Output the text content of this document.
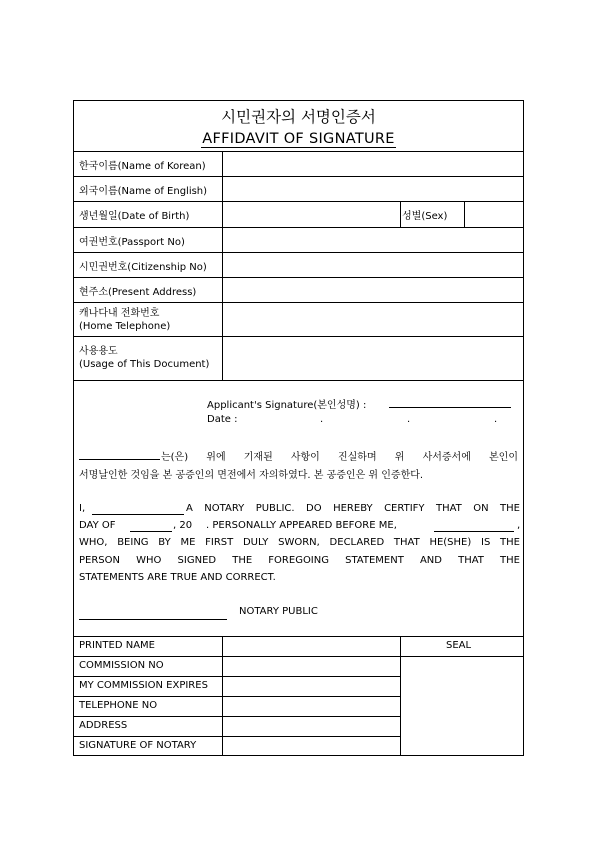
시민권자의 서명인증서
AFFIDAVIT OF SIGNATURE
한국이름(Name of Korean)
외국이름(Name of English)
생년월일(Date of Birth)	성별(Sex)
여권번호(Passport No)
시민권번호(Citizenship No)
현주소(Present Address)
캐나다내 전화번호
(Home Telephone)
사용용도
(Usage of This Document)
Applicant's Signature(본인성명) :
Date :	.	.	.
는(은) 위에 기재된 사항이 진실하며 위 사서증서에 본인이
서명날인한 것임을 본 공증인의 면전에서 자의하였다. 본 공증인은 위 인증한다.
I,	A NOTARY PUBLIC. DO HEREBY CERTIFY THAT ON THE
DAY OF	, 20 . PERSONALLY APPEARED BEFORE ME,	,
WHO, BEING BY ME FIRST DULY SWORN, DECLARED THAT HE(SHE) IS THE
PERSON WHO SIGNED THE FOREGOING STATEMENT AND THAT THE
STATEMENTS ARE TRUE AND CORRECT.
NOTARY PUBLIC
PRINTED NAME	SEAL
COMMISSION NO
MY COMMISSION EXPIRES
TELEPHONE NO
ADDRESS
SIGNATURE OF NOTARY
